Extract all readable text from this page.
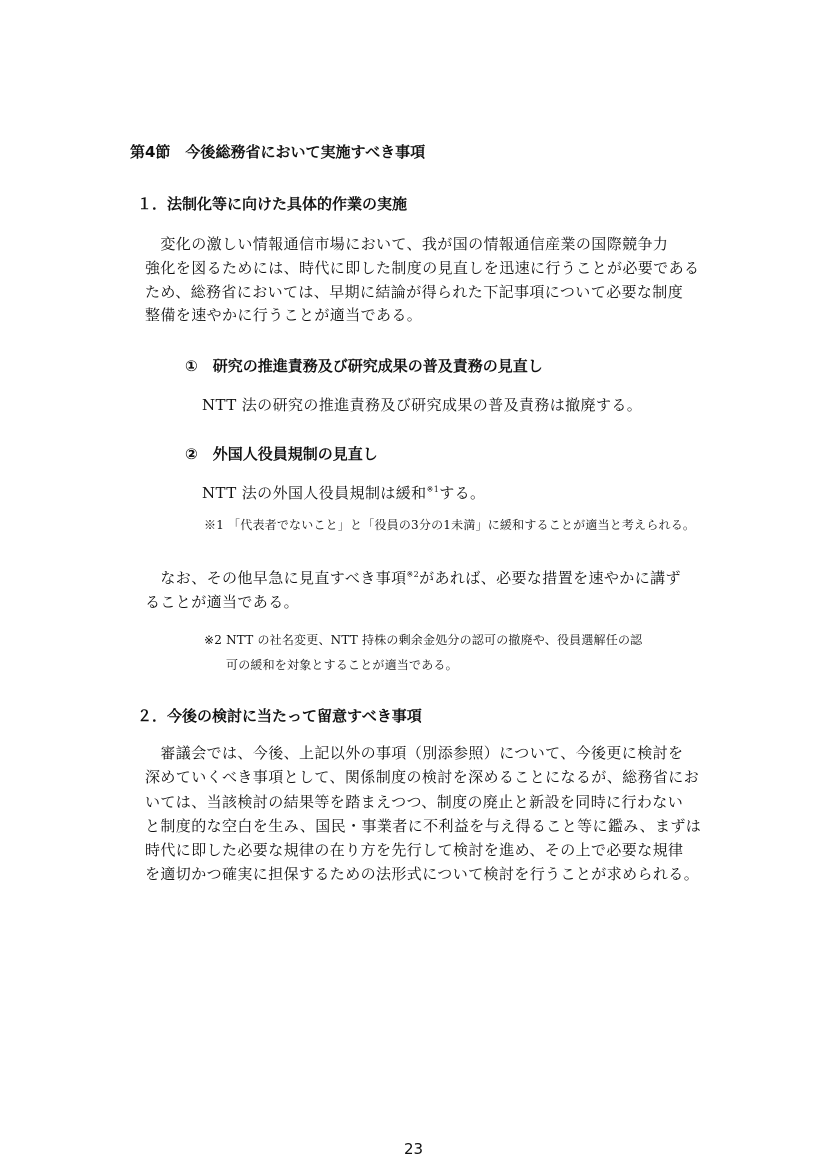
第4節　今後総務省において実施すべき事項
１．法制化等に向けた具体的作業の実施
　変化の激しい情報通信市場において、我が国の情報通信産業の国際競争力
強化を図るためには、時代に即した制度の見直しを迅速に行うことが必要である
ため、総務省においては、早期に結論が得られた下記事項について必要な制度
整備を速やかに行うことが適当である。
①　研究の推進責務及び研究成果の普及責務の見直し
NTT 法の研究の推進責務及び研究成果の普及責務は撤廃する。
②　外国人役員規制の見直し
NTT 法の外国人役員規制は緩和$^{※1}$する。
※1 「代表者でないこと」と「役員の3分の1未満」に緩和することが適当と考えられる。
　なお、その他早急に見直すべき事項$^{※2}$があれば、必要な措置を速やかに講ず
ることが適当である。
※2 NTT の社名変更、NTT 持株の剰余金処分の認可の撤廃や、役員選解任の認
可の緩和を対象とすることが適当である。
２．今後の検討に当たって留意すべき事項
　審議会では、今後、上記以外の事項（別添参照）について、今後更に検討を
深めていくべき事項として、関係制度の検討を深めることになるが、総務省にお
いては、当該検討の結果等を踏まえつつ、制度の廃止と新設を同時に行わない
と制度的な空白を生み、国民・事業者に不利益を与え得ること等に鑑み、まずは
時代に即した必要な規律の在り方を先行して検討を進め、その上で必要な規律
を適切かつ確実に担保するための法形式について検討を行うことが求められる。
23
